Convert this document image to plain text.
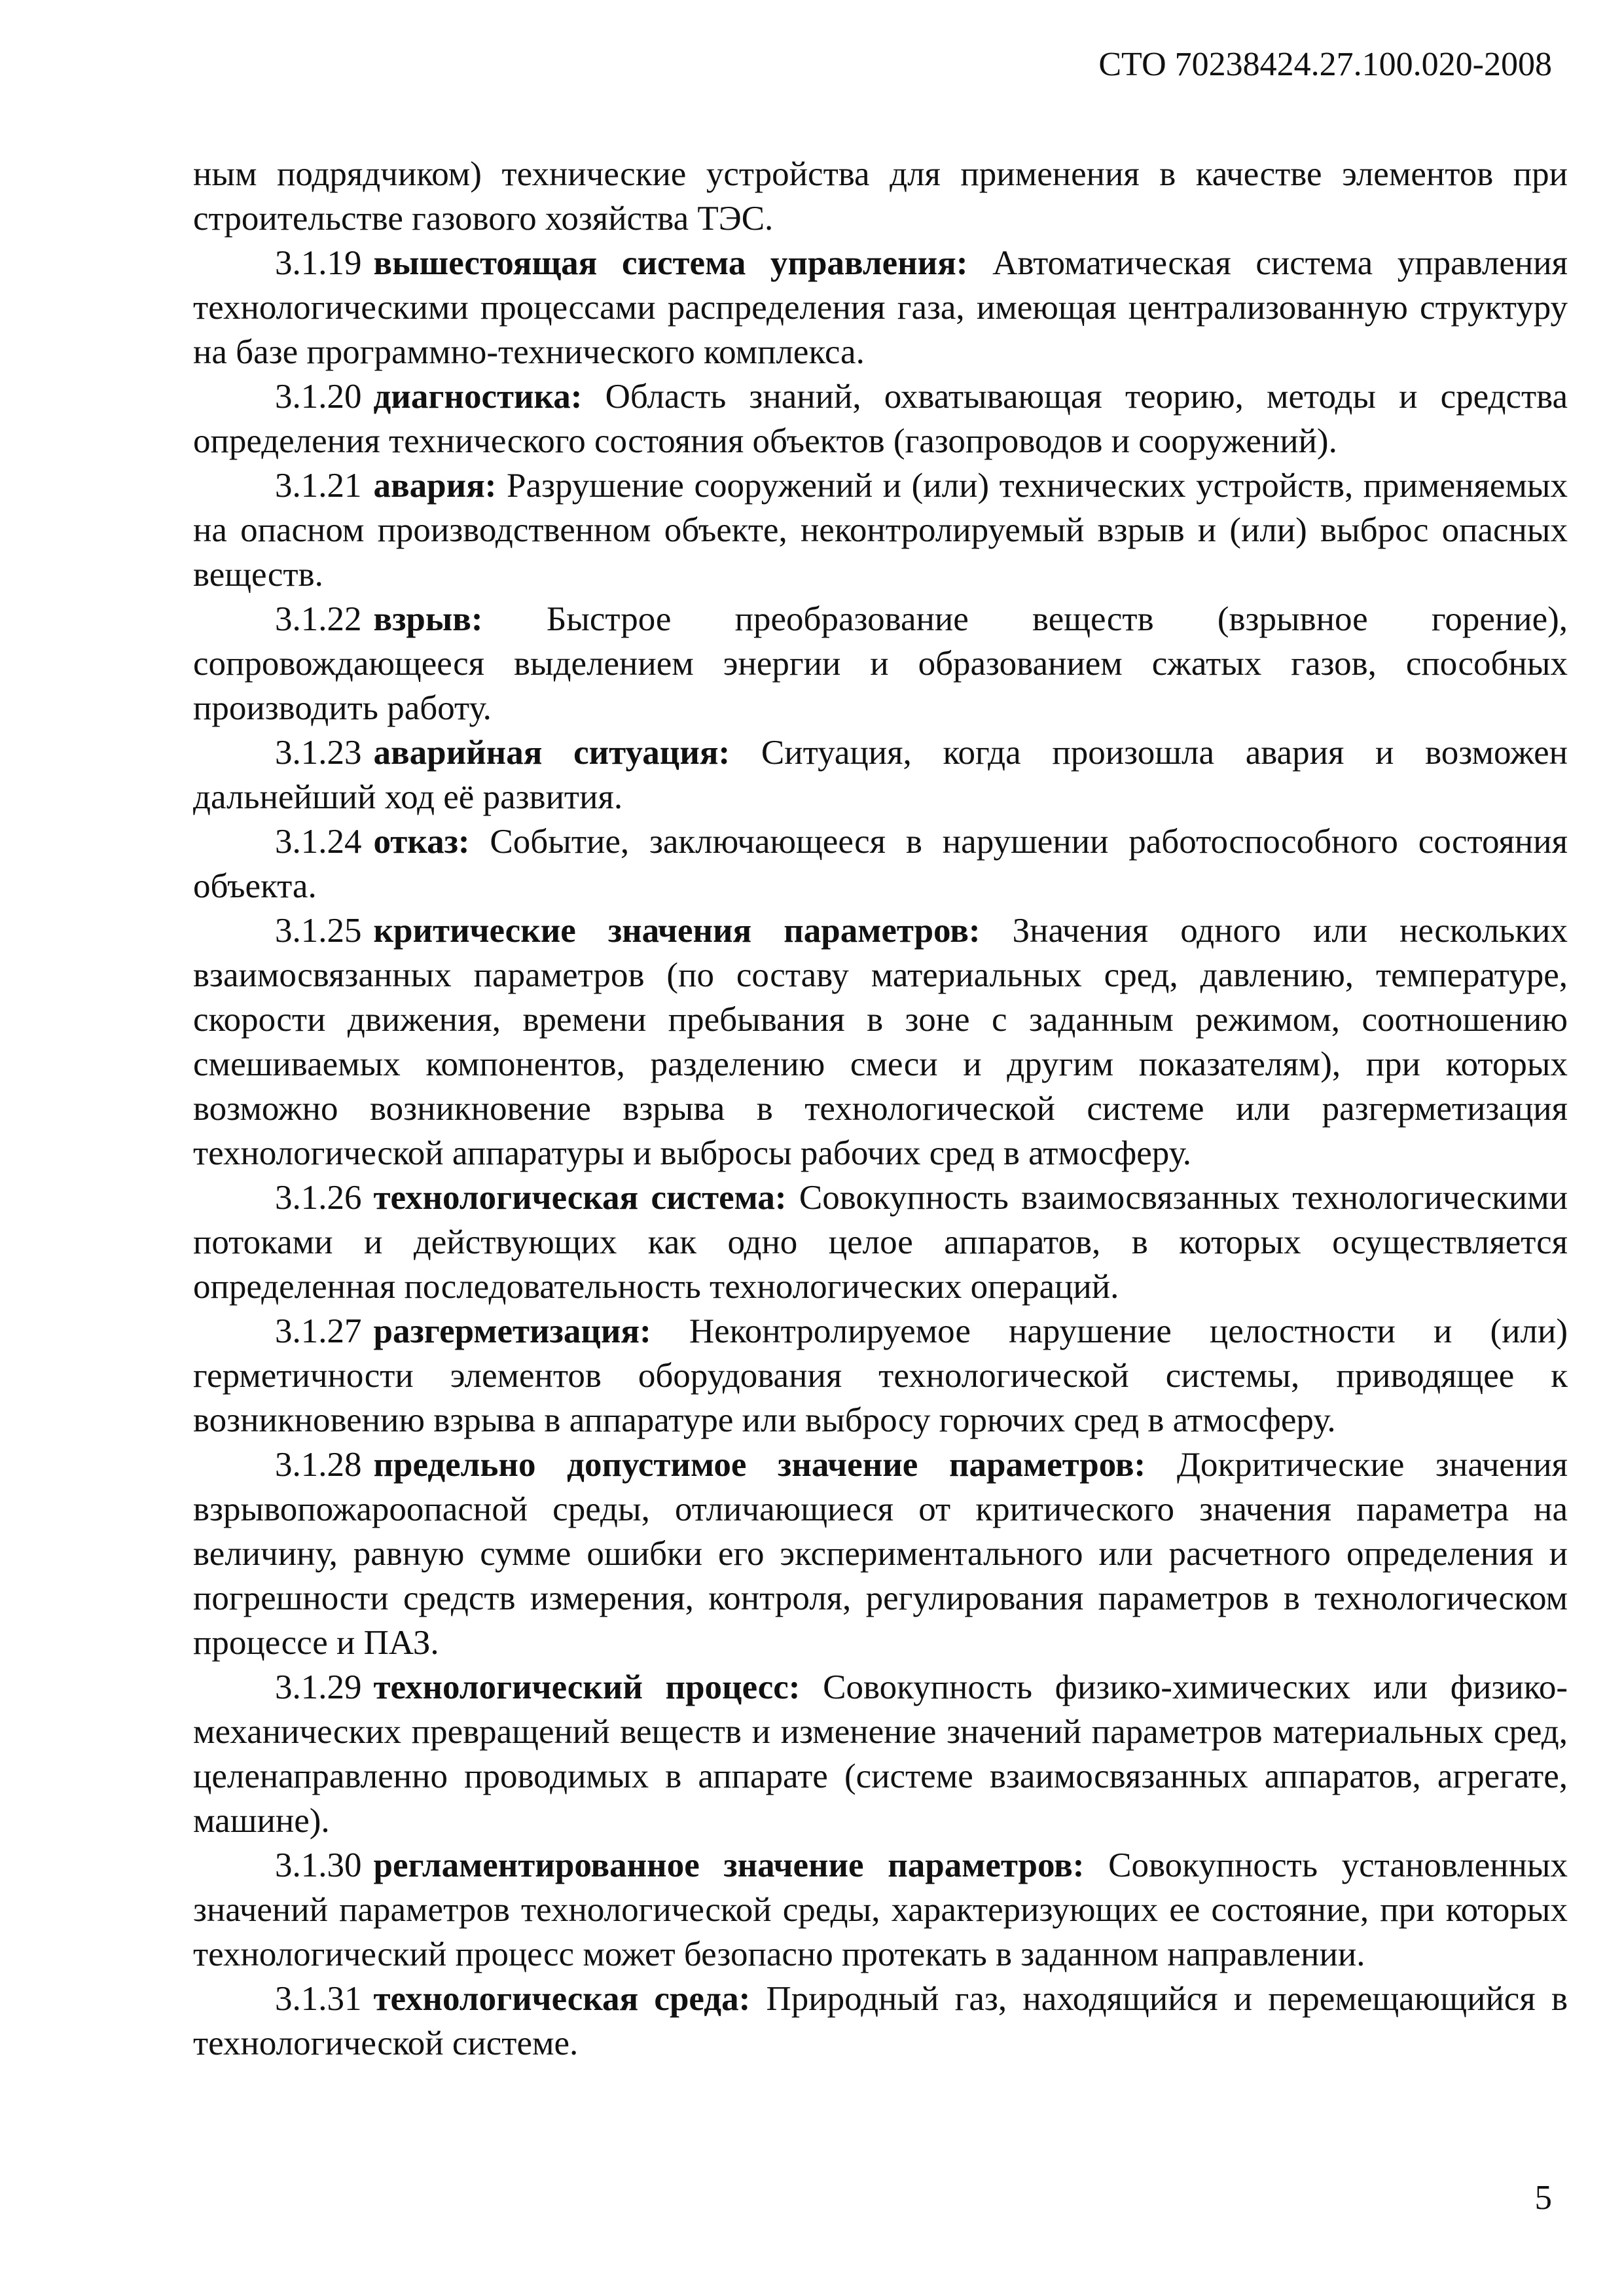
СТО 70238424.27.100.020-2008

ным подрядчиком) технические устройства для применения в качестве элементов при строительстве газового хозяйства ТЭС.

3.1.19 вышестоящая система управления: Автоматическая система управления технологическими процессами распределения газа, имеющая централизованную структуру на базе программно-технического комплекса.

3.1.20 диагностика: Область знаний, охватывающая теорию, методы и средства определения технического состояния объектов (газопроводов и сооружений).

3.1.21 авария: Разрушение сооружений и (или) технических устройств, применяемых на опасном производственном объекте, неконтролируемый взрыв и (или) выброс опасных веществ.

3.1.22 взрыв: Быстрое преобразование веществ (взрывное горение), сопровождающееся выделением энергии и образованием сжатых газов, способных производить работу.

3.1.23 аварийная ситуация: Ситуация, когда произошла авария и возможен дальнейший ход её развития.

3.1.24 отказ: Событие, заключающееся в нарушении работоспособного состояния объекта.

3.1.25 критические значения параметров: Значения одного или нескольких взаимосвязанных параметров (по составу материальных сред, давлению, температуре, скорости движения, времени пребывания в зоне с заданным режимом, соотношению смешиваемых компонентов, разделению смеси и другим показателям), при которых возможно возникновение взрыва в технологической системе или разгерметизация технологической аппаратуры и выбросы рабочих сред в атмосферу.

3.1.26 технологическая система: Совокупность взаимосвязанных технологическими потоками и действующих как одно целое аппаратов, в которых осуществляется определенная последовательность технологических операций.

3.1.27 разгерметизация: Неконтролируемое нарушение целостности и (или) герметичности элементов оборудования технологической системы, приводящее к возникновению взрыва в аппаратуре или выбросу горючих сред в атмосферу.

3.1.28 предельно допустимое значение параметров: Докритические значения взрывопожароопасной среды, отличающиеся от критического значения параметра на величину, равную сумме ошибки его экспериментального или расчетного определения и погрешности средств измерения, контроля, регулирования параметров в технологическом процессе и ПАЗ.

3.1.29 технологический процесс: Совокупность физико-химических или физико-механических превращений веществ и изменение значений параметров материальных сред, целенаправленно проводимых в аппарате (системе взаимосвязанных аппаратов, агрегате, машине).

3.1.30 регламентированное значение параметров: Совокупность установленных значений параметров технологической среды, характеризующих ее состояние, при которых технологический процесс может безопасно протекать в заданном направлении.

3.1.31 технологическая среда: Природный газ, находящийся и перемещающийся в технологической системе.

5
